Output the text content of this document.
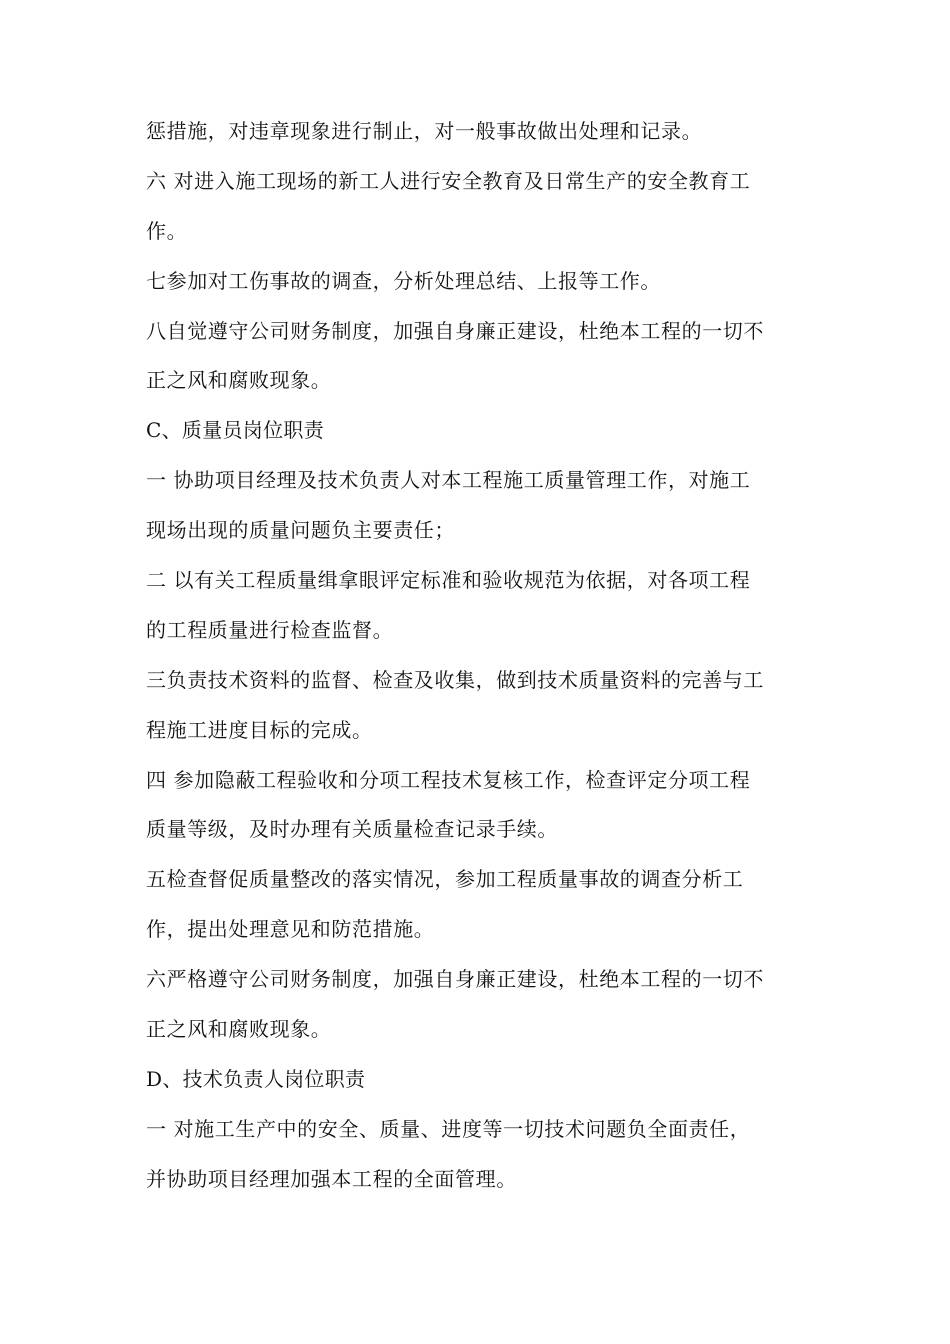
惩措施，对违章现象进行制止，对一般事故做出处理和记录。
六 对进入施工现场的新工人进行安全教育及日常生产的安全教育工
作。
七参加对工伤事故的调查，分析处理总结、上报等工作。
八自觉遵守公司财务制度，加强自身廉正建设，杜绝本工程的一切不
正之风和腐败现象。
C、质量员岗位职责
一 协助项目经理及技术负责人对本工程施工质量管理工作，对施工
现场出现的质量问题负主要责任；
二 以有关工程质量缉拿眼评定标准和验收规范为依据，对各项工程
的工程质量进行检查监督。
三负责技术资料的监督、检查及收集，做到技术质量资料的完善与工
程施工进度目标的完成。
四 参加隐蔽工程验收和分项工程技术复核工作，检查评定分项工程
质量等级，及时办理有关质量检查记录手续。
五检查督促质量整改的落实情况，参加工程质量事故的调查分析工
作，提出处理意见和防范措施。
六严格遵守公司财务制度，加强自身廉正建设，杜绝本工程的一切不
正之风和腐败现象。
D、技术负责人岗位职责
一 对施工生产中的安全、质量、进度等一切技术问题负全面责任，
并协助项目经理加强本工程的全面管理。
